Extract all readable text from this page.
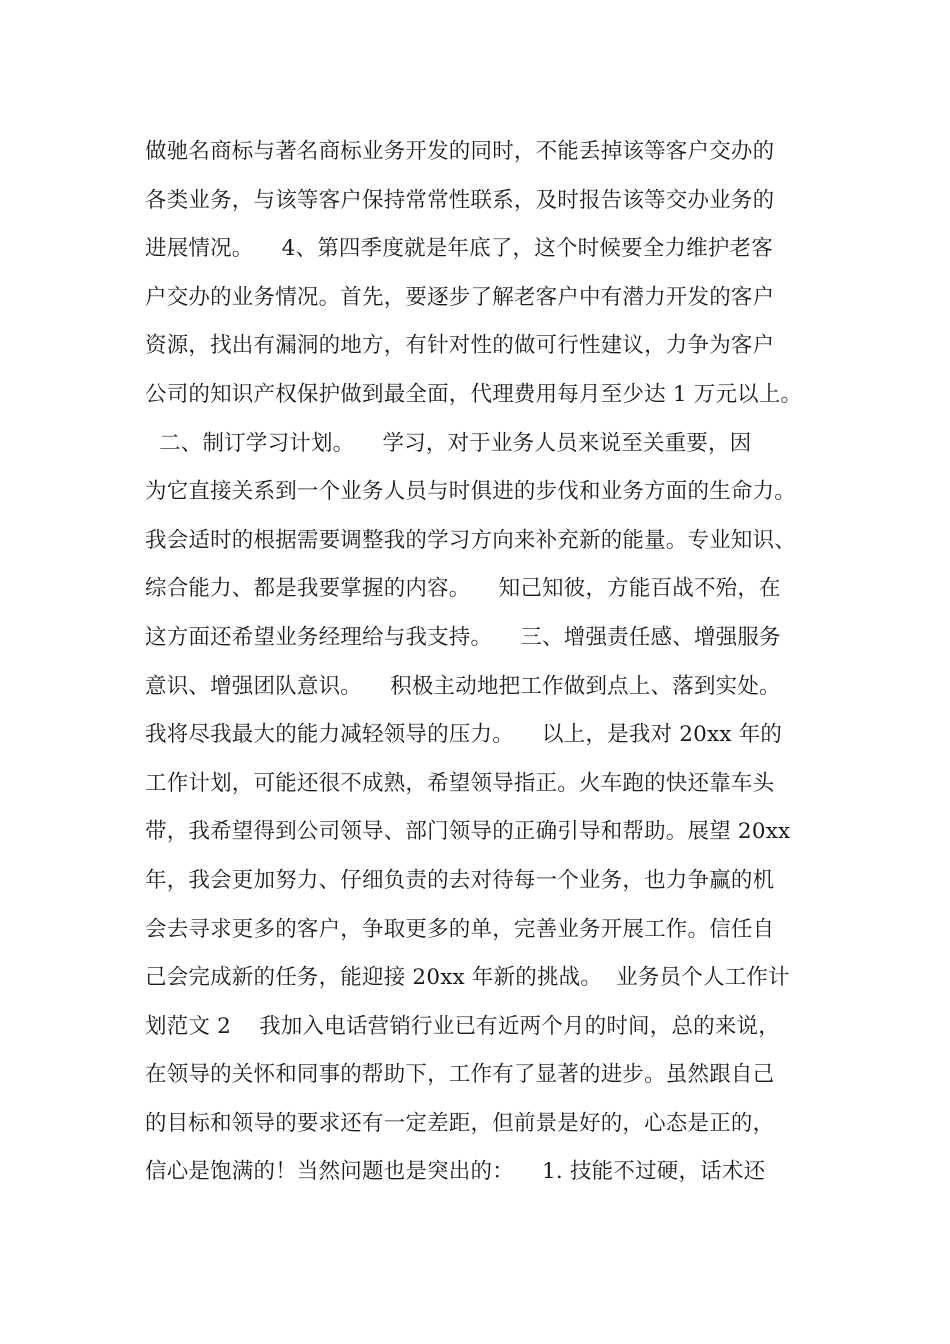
做驰名商标与著名商标业务开发的同时，不能丢掉该等客户交办的
各类业务，与该等客户保持常常性联系，及时报告该等交办业务的
进展情况。    4、第四季度就是年底了，这个时候要全力维护老客
户交办的业务情况。首先，要逐步了解老客户中有潜力开发的客户
资源，找出有漏洞的地方，有针对性的做可行性建议，力争为客户
公司的知识产权保护做到最全面，代理费用每月至少达 1 万元以上。
二、制订学习计划。    学习，对于业务人员来说至关重要，因
为它直接关系到一个业务人员与时俱进的步伐和业务方面的生命力。
我会适时的根据需要调整我的学习方向来补充新的能量。专业知识、
综合能力、都是我要掌握的内容。    知己知彼，方能百战不殆，在
这方面还希望业务经理给与我支持。    三、增强责任感、增强服务
意识、增强团队意识。    积极主动地把工作做到点上、落到实处。
我将尽我最大的能力减轻领导的压力。    以上，是我对 20xx 年的
工作计划，可能还很不成熟，希望领导指正。火车跑的快还靠车头
带，我希望得到公司领导、部门领导的正确引导和帮助。展望 20xx
年，我会更加努力、仔细负责的去对待每一个业务，也力争赢的机
会去寻求更多的客户，争取更多的单，完善业务开展工作。信任自
己会完成新的任务，能迎接 20xx 年新的挑战。  业务员个人工作计
划范文 2    我加入电话营销行业已有近两个月的时间，总的来说，
在领导的关怀和同事的帮助下，工作有了显著的进步。虽然跟自己
的目标和领导的要求还有一定差距，但前景是好的，心态是正的，
信心是饱满的！当然问题也是突出的：    1. 技能不过硬，话术还
